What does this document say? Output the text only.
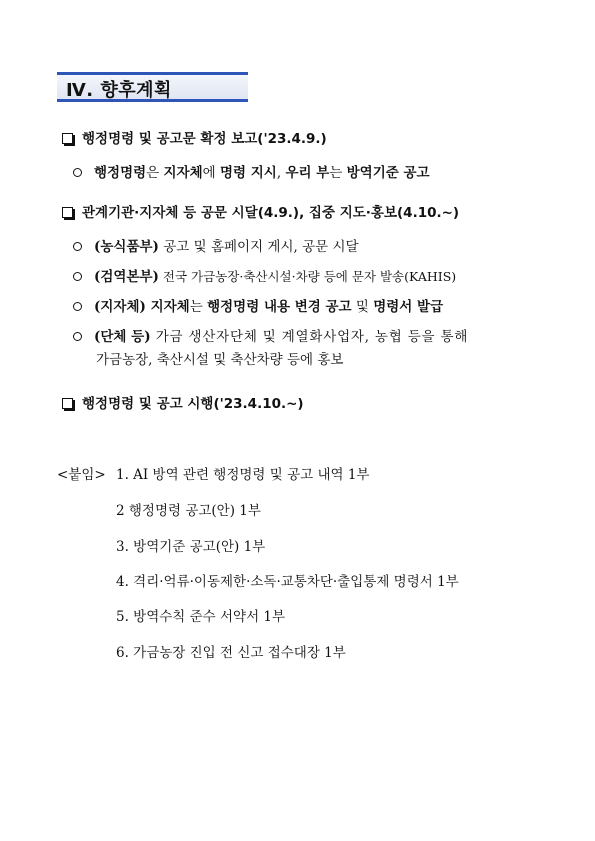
Ⅳ. 향후계획
행정명령 및 공고문 확정 보고('23.4.9.)
행정명령은 지자체에 명령 지시, 우리 부는 방역기준 공고
관계기관·지자체 등 공문 시달(4.9.), 집중 지도·홍보(4.10.~)
(농식품부) 공고 및 홈페이지 게시, 공문 시달
(검역본부) 전국 가금농장·축산시설·차량 등에 문자 발송(KAHIS)
(지자체) 지자체는 행정명령 내용 변경 공고 및 명령서 발급
(단체 등) 가금 생산자단체 및 계열화사업자, 농협 등을 통해
가금농장, 축산시설 및 축산차량 등에 홍보
행정명령 및 공고 시행('23.4.10.~)
<붙임> 1. AI 방역 관련 행정명령 및 공고 내역 1부
2 행정명령 공고(안) 1부
3. 방역기준 공고(안) 1부
4. 격리·억류·이동제한·소독·교통차단·출입통제 명령서 1부
5. 방역수칙 준수 서약서 1부
6. 가금농장 진입 전 신고 접수대장 1부
